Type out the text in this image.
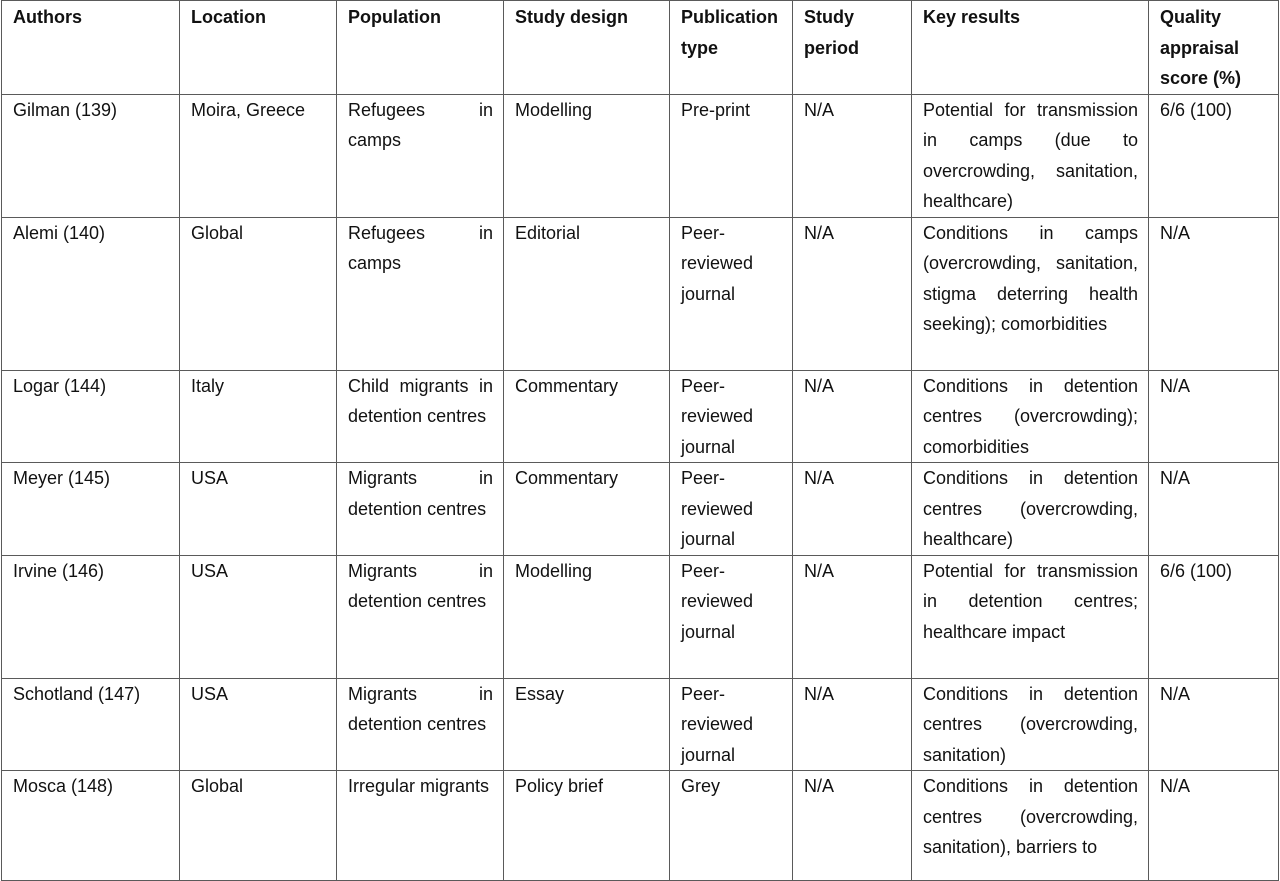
Authors	Location	Population	Study design	Publication type	Study period	Key results	Quality appraisal score (%)
Gilman (139)	Moira, Greece	Refugees in camps	Modelling	Pre-print	N/A	Potential for transmission in camps (due to overcrowding, sanitation, healthcare)	6/6 (100)
Alemi (140)	Global	Refugees in camps	Editorial	Peer-reviewed journal	N/A	Conditions in camps (overcrowding, sanitation, stigma deterring health seeking); comorbidities	N/A
Logar (144)	Italy	Child migrants in detention centres	Commentary	Peer-reviewed journal	N/A	Conditions in detention centres (overcrowding); comorbidities	N/A
Meyer (145)	USA	Migrants in detention centres	Commentary	Peer-reviewed journal	N/A	Conditions in detention centres (overcrowding, healthcare)	N/A
Irvine (146)	USA	Migrants in detention centres	Modelling	Peer-reviewed journal	N/A	Potential for transmission in detention centres; healthcare impact	6/6 (100)
Schotland (147)	USA	Migrants in detention centres	Essay	Peer-reviewed journal	N/A	Conditions in detention centres (overcrowding, sanitation)	N/A
Mosca (148)	Global	Irregular migrants	Policy brief	Grey	N/A	Conditions in detention centres (overcrowding, sanitation), barriers to	N/A
